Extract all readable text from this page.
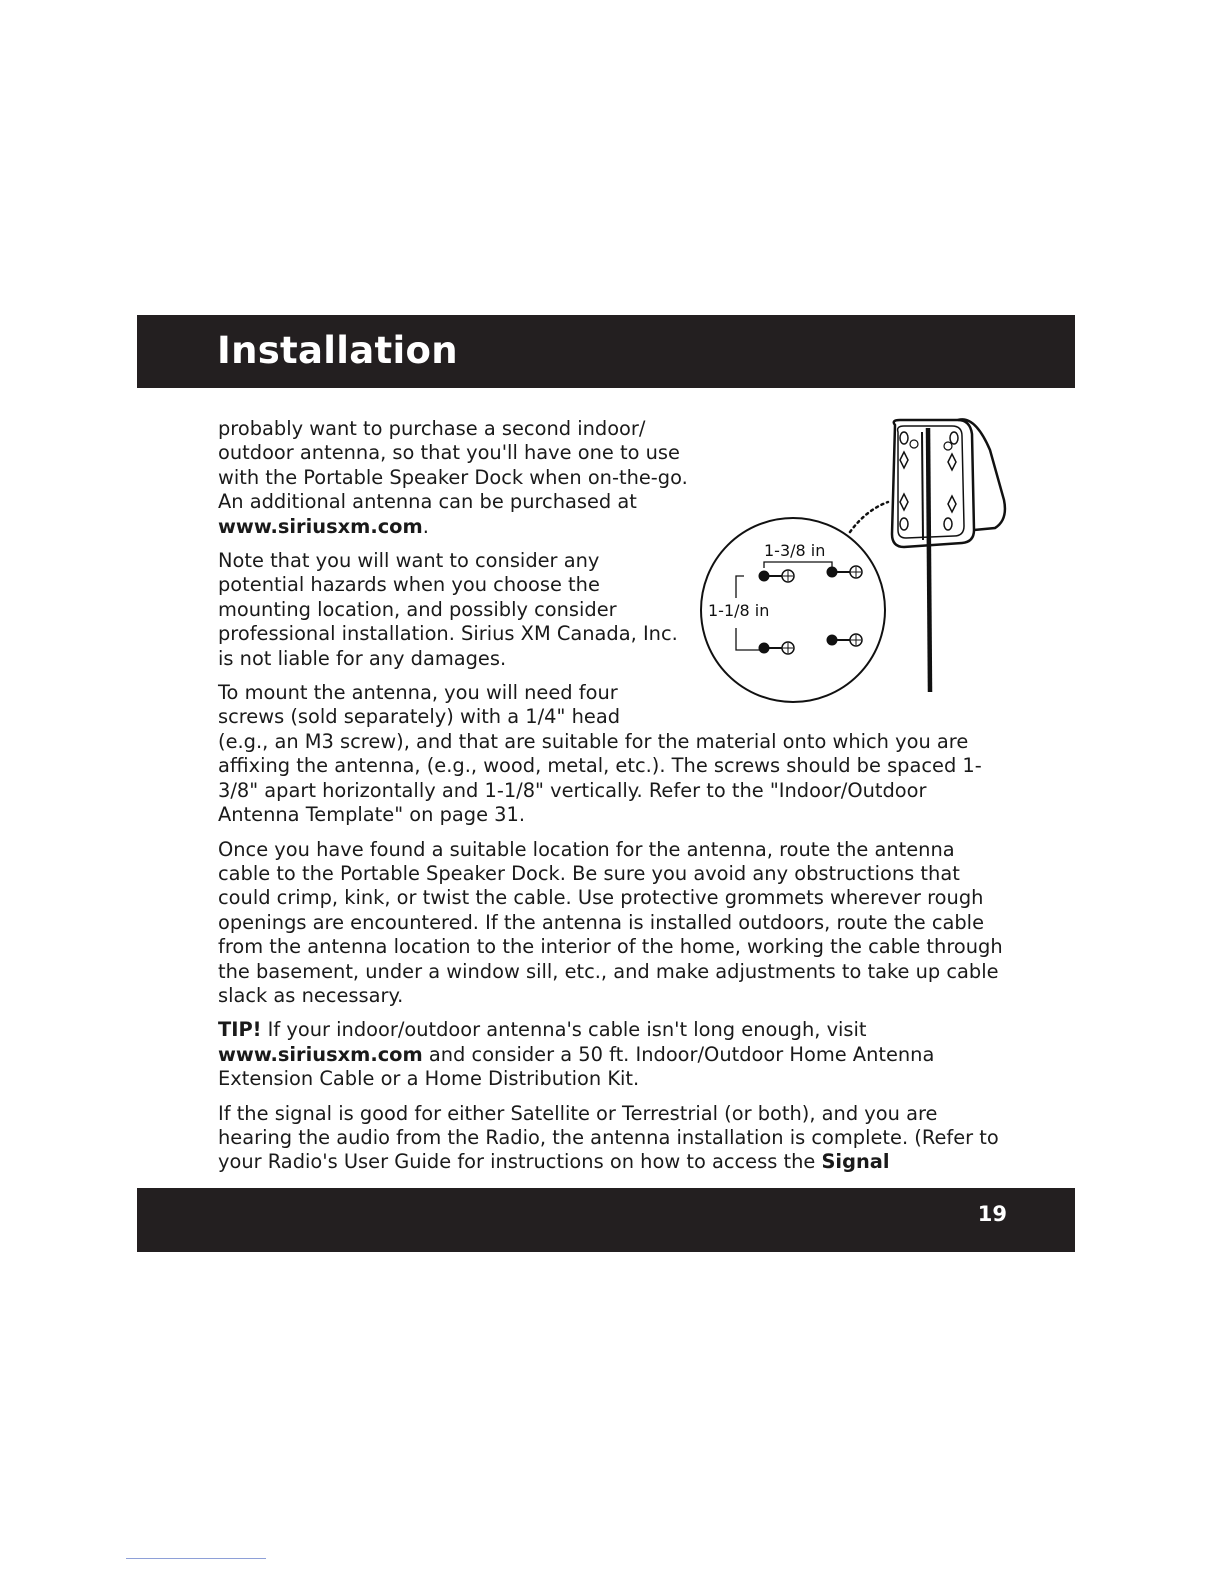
Installation

probably want to purchase a second indoor/ outdoor antenna, so that you'll have one to use with the Portable Speaker Dock when on-the-go. An additional antenna can be purchased at www.siriusxm.com.

Note that you will want to consider any potential hazards when you choose the mounting location, and possibly consider professional installation. Sirius XM Canada, Inc. is not liable for any damages.

To mount the antenna, you will need four screws (sold separately) with a 1/4" head
(e.g., an M3 screw), and that are suitable for the material onto which you are affixing the antenna, (e.g., wood, metal, etc.). The screws should be spaced 1-3/8" apart horizontally and 1-1/8" vertically. Refer to the "Indoor/Outdoor Antenna Template" on page 31.

Once you have found a suitable location for the antenna, route the antenna cable to the Portable Speaker Dock. Be sure you avoid any obstructions that could crimp, kink, or twist the cable. Use protective grommets wherever rough openings are encountered. If the antenna is installed outdoors, route the cable from the antenna location to the interior of the home, working the cable through the basement, under a window sill, etc., and make adjustments to take up cable slack as necessary.

TIP! If your indoor/outdoor antenna's cable isn't long enough, visit
www.siriusxm.com and consider a 50 ft. Indoor/Outdoor Home Antenna Extension Cable or a Home Distribution Kit.

If the signal is good for either Satellite or Terrestrial (or both), and you are hearing the audio from the Radio, the antenna installation is complete. (Refer to your Radio's User Guide for instructions on how to access the Signal

1-3/8 in
1-1/8 in
19
